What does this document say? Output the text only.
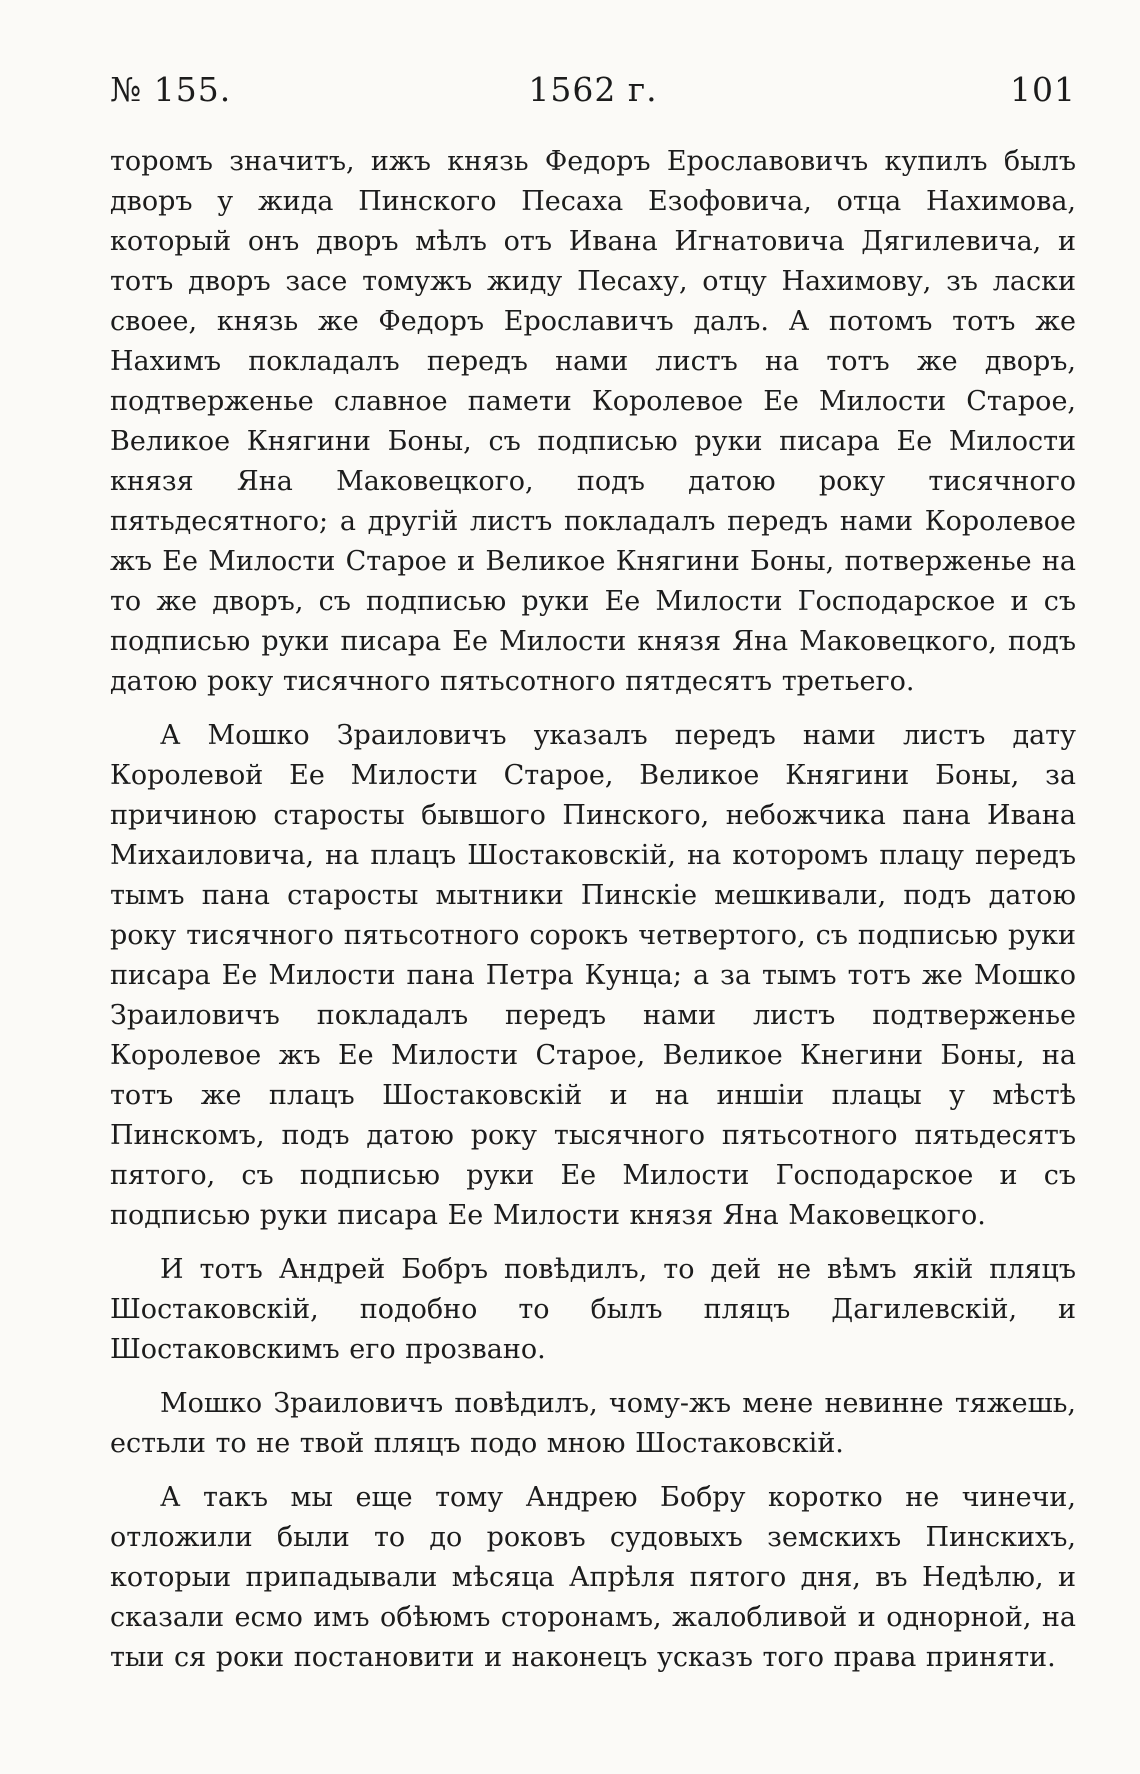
№ 155.	1562 г.	101

торомъ значитъ, ижъ князь Федоръ Ерославовичъ купилъ былъ дворъ у жида Пинского Песаха Езофовича, отца Нахимова, который онъ дворъ мѣлъ отъ Ивана Игнатовича Дягилевича, и тотъ дворъ засе томужъ жиду Песаху, отцу Нахимову, зъ ласки своее, князь же Федоръ Ерославичъ далъ. А потомъ тотъ же Нахимъ покладалъ передъ нами листъ на тотъ же дворъ, подтверженье славное памети Королевое Ее Милости Старое, Великое Княгини Боны, съ подписью руки писара Ее Милости князя Яна Маковецкого, подъ датою року тисячного пятьдесятного; а другій листъ покладалъ передъ нами Королевое жъ Ее Милости Старое и Великое Княгини Боны, потверженье на то же дворъ, съ подписью руки Ее Милости Господарское и съ подписью руки писара Ее Милости князя Яна Маковецкого, подъ датою року тисячного пятьсотного пятдесятъ третьего.

А Мошко Зраиловичъ указалъ передъ нами листъ дату Королевой Ее Милости Старое, Великое Княгини Боны, за причиною старосты бывшого Пинского, небожчика пана Ивана Михаиловича, на плацъ Шостаковскій, на которомъ плацу передъ тымъ пана старосты мытники Пинскіе мешкивали, подъ датою року тисячного пятьсотного сорокъ четвертого, съ подписью руки писара Ее Милости пана Петра Кунца; а за тымъ тотъ же Мошко Зраиловичъ покладалъ передъ нами листъ подтверженье Королевое жъ Ее Милости Старое, Великое Кнегини Боны, на тотъ же плацъ Шостаковскій и на иншіи плацы у мѣстѣ Пинскомъ, подъ датою року тысячного пятьсотного пятьдесятъ пятого, съ подписью руки Ее Милости Господарское и съ подписью руки писара Ее Милости князя Яна Маковецкого.

И тотъ Андрей Бобръ повѣдилъ, то дей не вѣмъ якій пляцъ Шостаковскій, подобно то былъ пляцъ Дагилевскій, и Шостаковскимъ его прозвано.

Мошко Зраиловичъ повѣдилъ, чому-жъ мене невинне тяжешь, естьли то не твой пляцъ подо мною Шостаковскій.

А такъ мы еще тому Андрею Бобру коротко не чинечи, отложили были то до роковъ судовыхъ земскихъ Пинскихъ, которыи припадывали мѣсяца Апрѣля пятого дня, въ Недѣлю, и сказали есмо имъ обѣюмъ сторонамъ, жалобливой и однорной, на тыи ся роки постановити и наконецъ усказъ того права приняти.
